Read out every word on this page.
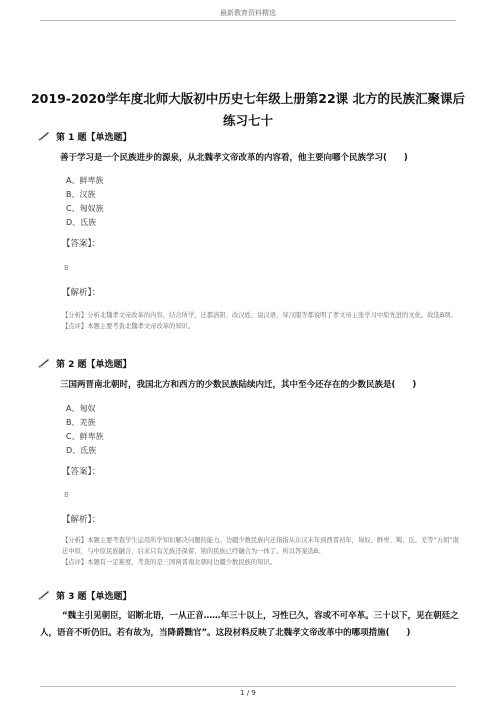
最新教育资料精选
2019-2020学年度北师大版初中历史七年级上册第22课 北方的民族汇聚课后练习七十
第 1 题【单选题】
善于学习是一个民族进步的源泉，从北魏孝文帝改革的内容看，他主要向哪个民族学习(　　)
A、鲜卑族
B、汉族
C、匈奴族
D、氐族
【答案】：
B
【解析】：

【分析】分析北魏孝文帝改革的内容，结合所学，迁都洛阳、改汉姓、说汉语、穿汉服等都说明了孝文帝主张学习中原先进的文化。故选B项。

【点评】本题主要考查北魏孝文帝改革的知识。

第 2 题【单选题】
三国两晋南北朝时，我国北方和西方的少数民族陆续内迁，其中至今还存在的少数民族是(　　)
A、匈奴
B、羌族
C、鲜卑族
D、氐族
【答案】：
B
【解析】：

【分析】本题主要考查学生运用所学知识解决问题的能力。边疆少数民族内迁指指从东汉末年到西晋初年，匈奴、鲜卑、羯、氐、羌等“五胡”南迁中原，与中原民族融合，后来只有羌族还保留，别的民族已经融合为一体了。所以答案选B。

【点评】本题有一定难度，考查的是三国两晋南北朝时边疆少数民族的知识。

第 3 题【单选题】
“魏主引见朝臣，诏断北语，一从正音……年三十以上，习性已久，容或不可卒革。三十以下，见在朝廷之人，语音不听仍旧。若有故为，当降爵黜官”。这段材料反映了北魏孝文帝改革中的哪项措施(　　)
1 / 9
